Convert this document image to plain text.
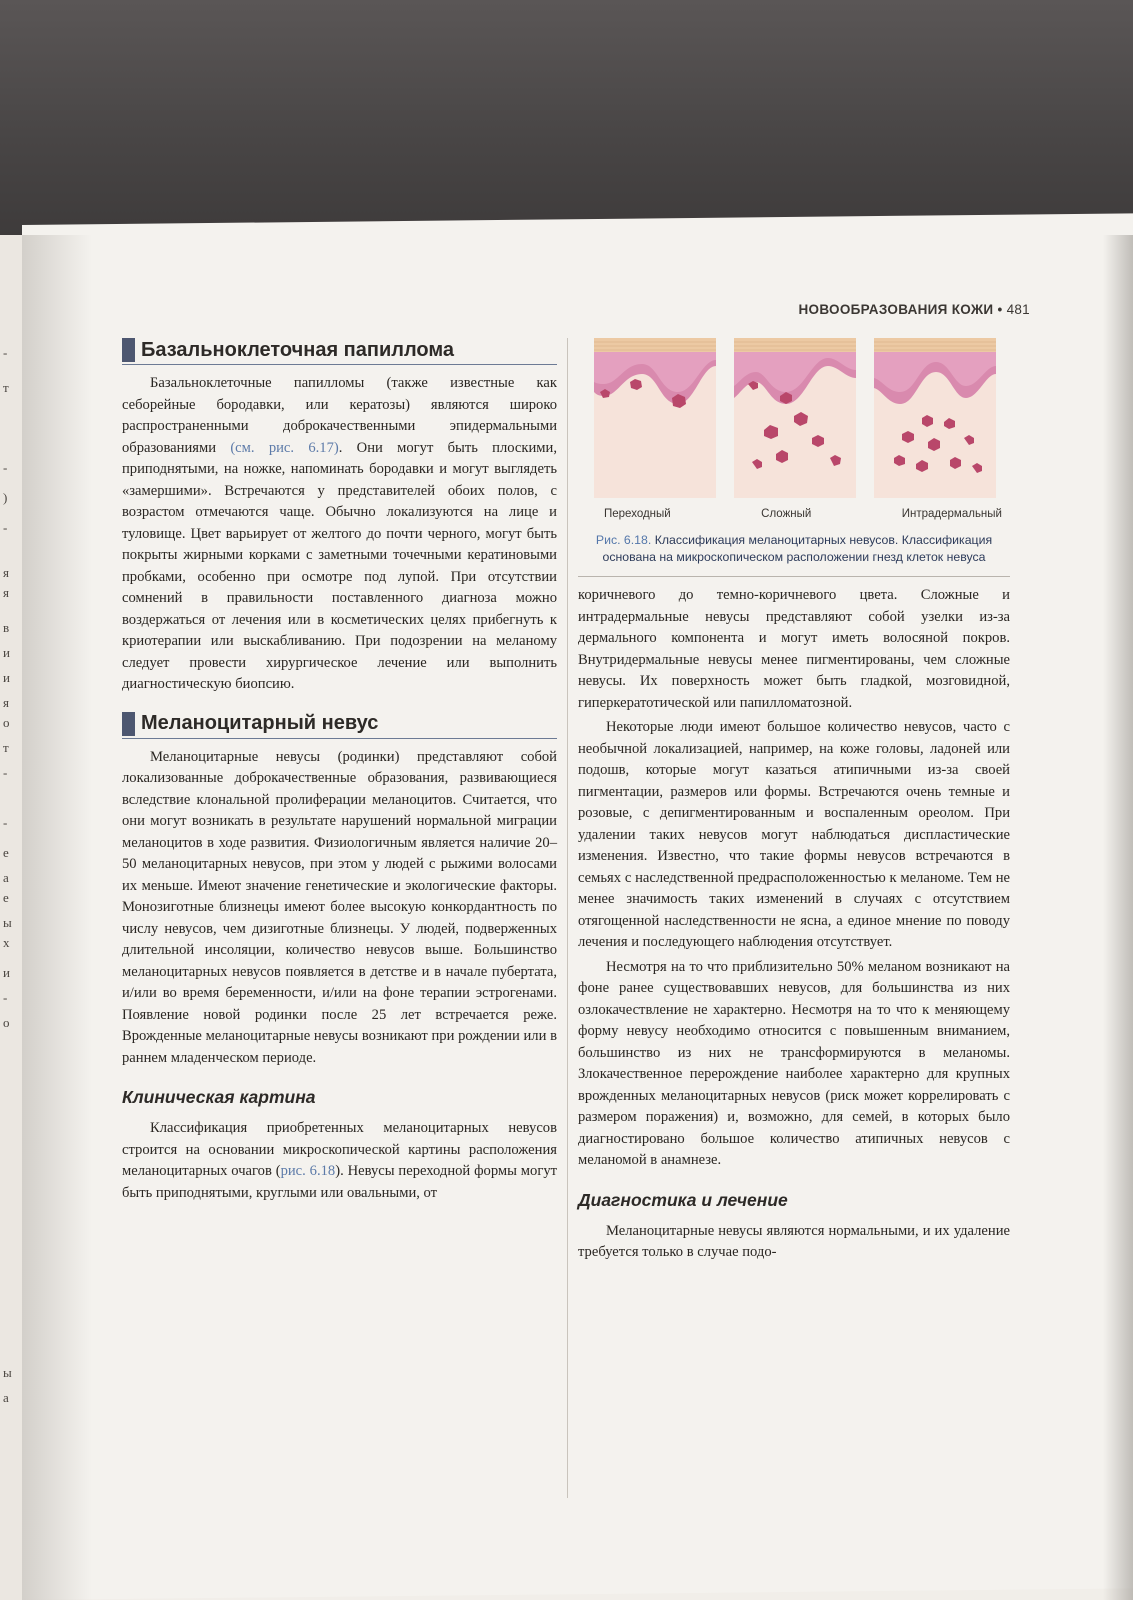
-
т
-
)
-
я
я
в
и
и
я
о
т
-
-
е
а
е
ы
х
и
-
о
ы
а
НОВООБРАЗОВАНИЯ КОЖИ • 481
Базальноклеточная папиллома

Базальноклеточные папилломы (также известные как себорейные бородавки, или кератозы) являются широко распространенными доброкачественными эпидермальными образованиями (см. рис. 6.17). Они могут быть плоскими, приподнятыми, на ножке, напоминать бородавки и могут выглядеть «замершими». Встречаются у представителей обоих полов, с возрастом отмечаются чаще. Обычно локализуются на лице и туловище. Цвет варьирует от желтого до почти черного, могут быть покрыты жирными корками с заметными точечными кератиновыми пробками, особенно при осмотре под лупой. При отсутствии сомнений в правильности поставленного диагноза можно воздержаться от лечения или в косметических целях прибегнуть к криотерапии или выскабливанию. При подозрении на меланому следует провести хирургическое лечение или выполнить диагностическую биопсию.

Меланоцитарный невус

Меланоцитарные невусы (родинки) представляют собой локализованные доброкачественные образования, развивающиеся вследствие клональной пролиферации меланоцитов. Считается, что они могут возникать в результате нарушений нормальной миграции меланоцитов в ходе развития. Физиологичным является наличие 20–50 меланоцитарных невусов, при этом у людей с рыжими волосами их меньше. Имеют значение генетические и экологические факторы. Монозиготные близнецы имеют более высокую конкордантность по числу невусов, чем дизиготные близнецы. У людей, подверженных длительной инсоляции, количество невусов выше. Большинство меланоцитарных невусов появляется в детстве и в начале пубертата, и/или во время беременности, и/или на фоне терапии эстрогенами. Появление новой родинки после 25 лет встречается реже. Врожденные меланоцитарные невусы возникают при рождении или в раннем младенческом периоде.

Клиническая картина

Классификация приобретенных меланоцитарных невусов строится на основании микроскопической картины расположения меланоцитарных очагов (рис. 6.18). Невусы переходной формы могут быть приподнятыми, круглыми или овальными, от

Переходный	Сложный	Интрадермальный
Рис. 6.18. Классификация меланоцитарных невусов. Классификация основана на микроскопическом расположении гнезд клеток невуса

коричневого до темно-коричневого цвета. Сложные и интрадермальные невусы представляют собой узелки из-за дермального компонента и могут иметь волосяной покров. Внутридермальные невусы менее пигментированы, чем сложные невусы. Их поверхность может быть гладкой, мозговидной, гиперкератотической или папилломатозной.

Некоторые люди имеют большое количество невусов, часто с необычной локализацией, например, на коже головы, ладоней или подошв, которые могут казаться атипичными из-за своей пигментации, размеров или формы. Встречаются очень темные и розовые, с депигментированным и воспаленным ореолом. При удалении таких невусов могут наблюдаться диспластические изменения. Известно, что такие формы невусов встречаются в семьях с наследственной предрасположенностью к меланоме. Тем не менее значимость таких изменений в случаях с отсутствием отягощенной наследственности не ясна, а единое мнение по поводу лечения и последующего наблюдения отсутствует.

Несмотря на то что приблизительно 50% меланом возникают на фоне ранее существовавших невусов, для большинства из них озлокачествление не характерно. Несмотря на то что к меняющему форму невусу необходимо относится с повышенным вниманием, большинство из них не трансформируются в меланомы. Злокачественное перерождение наиболее характерно для крупных врожденных меланоцитарных невусов (риск может коррелировать с размером поражения) и, возможно, для семей, в которых было диагностировано большое количество атипичных невусов с меланомой в анамнезе.

Диагностика и лечение

Меланоцитарные невусы являются нормальными, и их удаление требуется только в случае подо-
